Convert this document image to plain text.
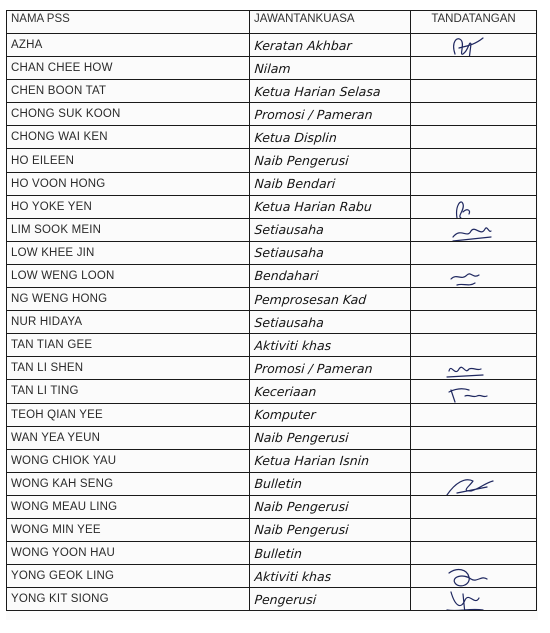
NAMA PSS	JAWANTANKUASA	TANDATANGAN
AZHA	Keratan Akhbar	

CHAN CHEE HOW	Nilam	
CHEN BOON TAT	Ketua Harian Selasa	
CHONG SUK KOON	Promosi / Pameran	
CHONG WAI KEN	Ketua Displin	
HO EILEEN	Naib Pengerusi	
HO VOON HONG	Naib Bendari	
HO YOKE YEN	Ketua Harian Rabu	

LIM SOOK MEIN	Setiausaha	

LOW KHEE JIN	Setiausaha	
LOW WENG LOON	Bendahari	

NG WENG HONG	Pemprosesan Kad	
NUR HIDAYA	Setiausaha	
TAN TIAN GEE	Aktiviti khas	
TAN LI SHEN	Promosi / Pameran	

TAN LI TING	Keceriaan	

TEOH QIAN YEE	Komputer	
WAN YEA YEUN	Naib Pengerusi	
WONG CHIOK YAU	Ketua Harian Isnin	
WONG KAH SENG	Bulletin	

WONG MEAU LING	Naib Pengerusi	
WONG MIN YEE	Naib Pengerusi	
WONG YOON HAU	Bulletin	
YONG GEOK LING	Aktiviti khas	

YONG KIT SIONG	Pengerusi	
